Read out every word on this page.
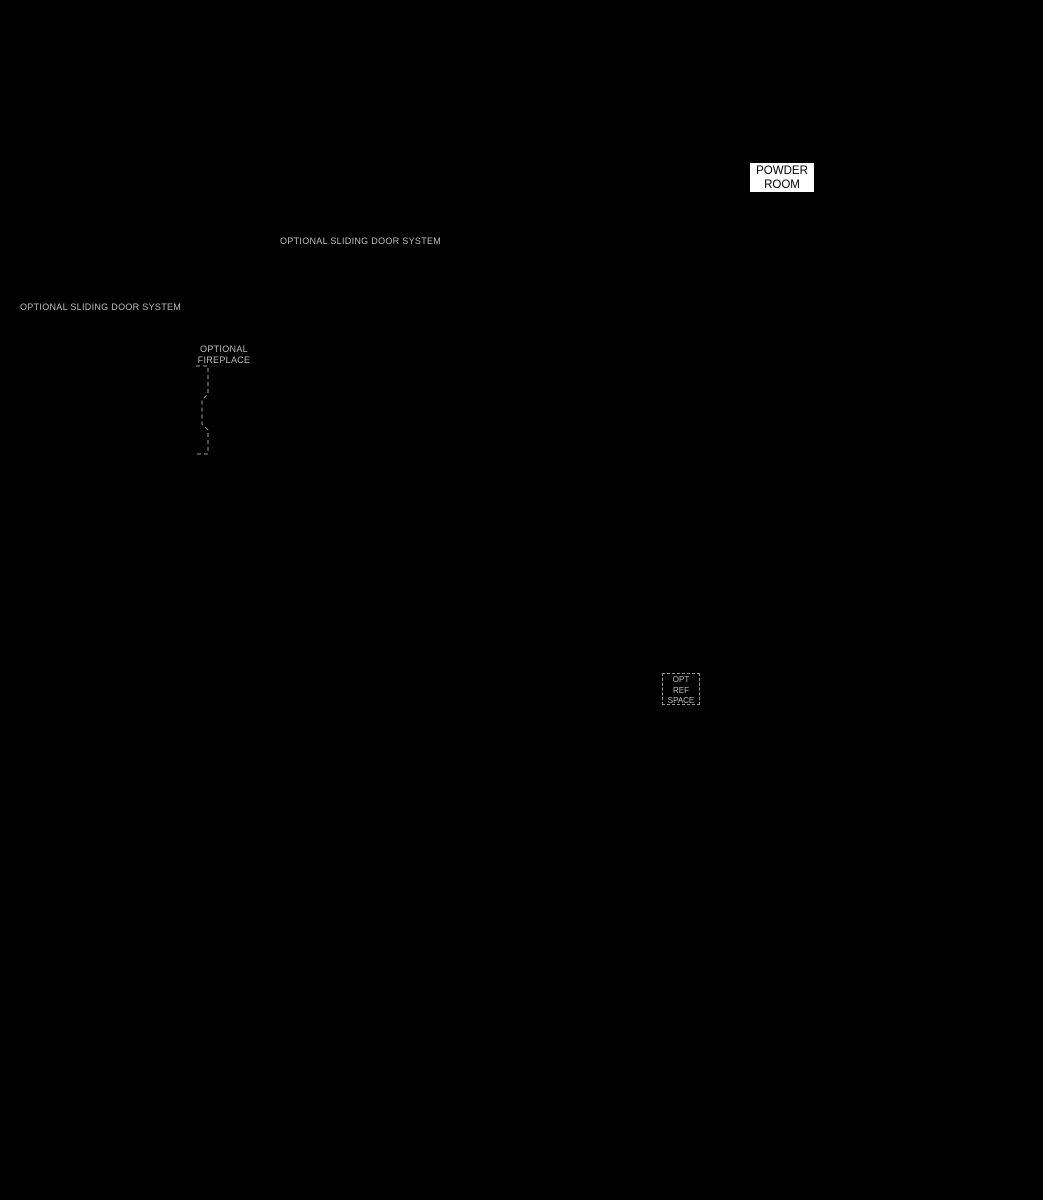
POWDER
ROOM
OPTIONAL SLIDING DOOR SYSTEM
OPTIONAL SLIDING DOOR SYSTEM
OPTIONAL
FIREPLACE
OPT
REF
SPACE
